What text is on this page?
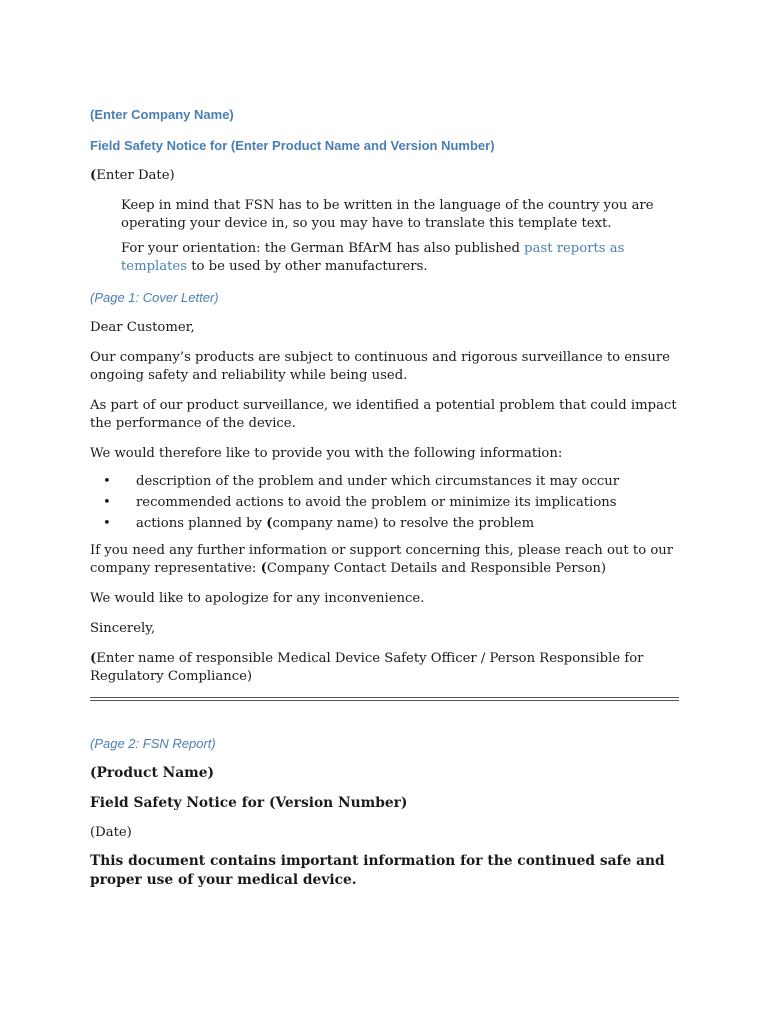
(Enter Company Name)

Field Safety Notice for (Enter Product Name and Version Number)

(Enter Date)

Keep in mind that FSN has to be written in the language of the country you are operating your device in, so you may have to translate this template text.

For your orientation: the German BfArM has also published past reports as templates to be used by other manufacturers.

(Page 1: Cover Letter)

Dear Customer,

Our company’s products are subject to continuous and rigorous surveillance to ensure ongoing safety and reliability while being used.

As part of our product surveillance, we identified a potential problem that could impact the performance of the device.

We would therefore like to provide you with the following information:

• description of the problem and under which circumstances it may occur
• recommended actions to avoid the problem or minimize its implications
• actions planned by (company name) to resolve the problem

If you need any further information or support concerning this, please reach out to our company representative: (Company Contact Details and Responsible Person)

We would like to apologize for any inconvenience.

Sincerely,

(Enter name of responsible Medical Device Safety Officer / Person Responsible for Regulatory Compliance)

(Page 2: FSN Report)

(Product Name)

Field Safety Notice for (Version Number)

(Date)

This document contains important information for the continued safe and proper use of your medical device.
